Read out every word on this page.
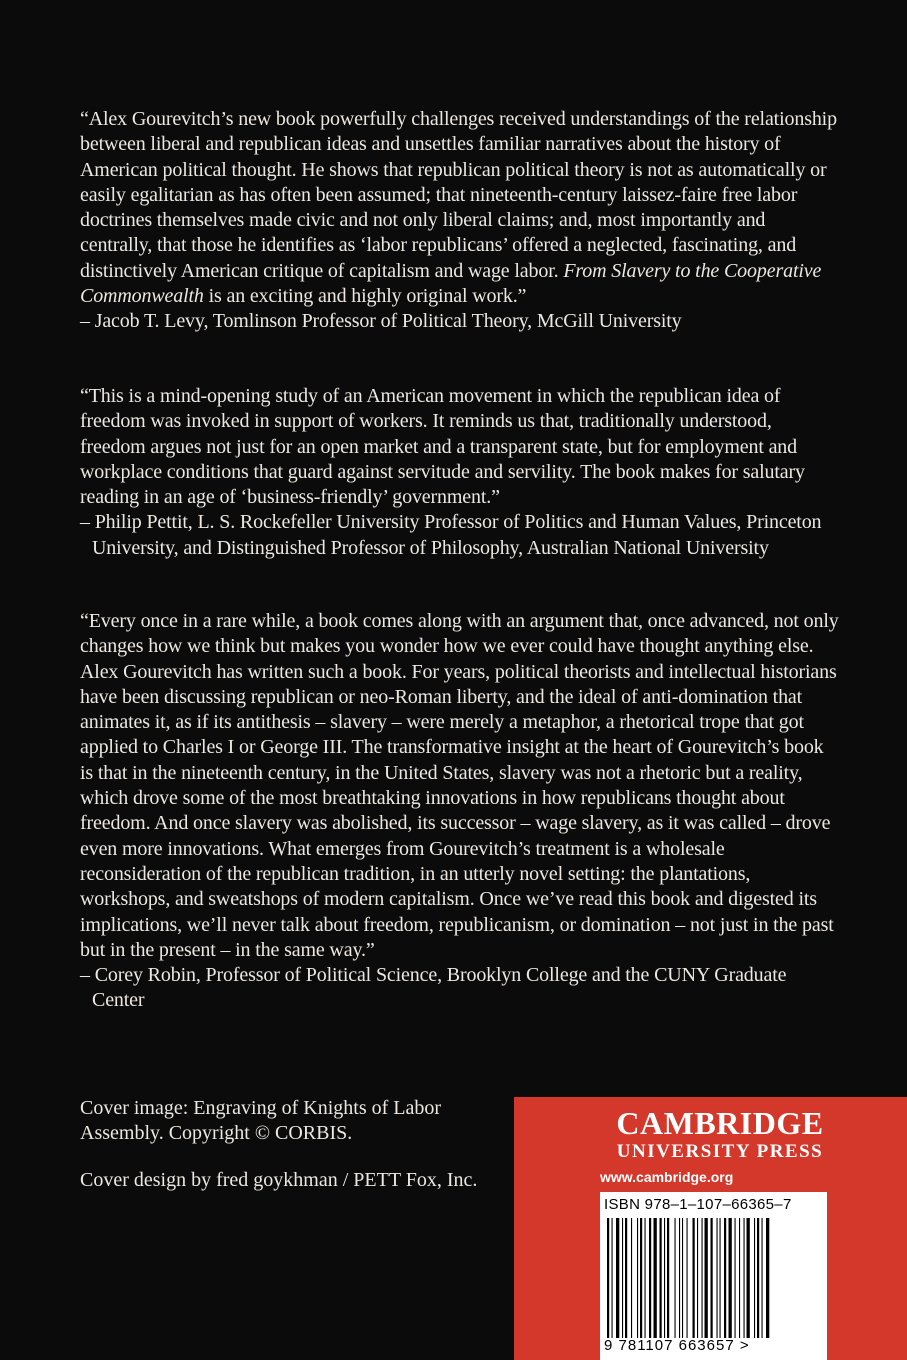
“Alex Gourevitch’s new book powerfully challenges received understandings of the relationship between liberal and republican ideas and unsettles familiar narratives about the history of American political thought. He shows that republican political theory is not as automatically or easily egalitarian as has often been assumed; that nineteenth-century laissez-faire free labor doctrines themselves made civic and not only liberal claims; and, most importantly and centrally, that those he identifies as ‘labor republicans’ offered a neglected, fascinating, and distinctively American critique of capitalism and wage labor. From Slavery to the Cooperative Commonwealth is an exciting and highly original work.”

– Jacob T. Levy, Tomlinson Professor of Political Theory, McGill University

“This is a mind-opening study of an American movement in which the republican idea of freedom was invoked in support of workers. It reminds us that, traditionally understood, freedom argues not just for an open market and a transparent state, but for employment and workplace conditions that guard against servitude and servility. The book makes for salutary reading in an age of ‘business-friendly’ government.”

– Philip Pettit, L. S. Rockefeller University Professor of Politics and Human Values, Princeton University, and Distinguished Professor of Philosophy, Australian National University

“Every once in a rare while, a book comes along with an argument that, once advanced, not only changes how we think but makes you wonder how we ever could have thought anything else. Alex Gourevitch has written such a book. For years, political theorists and intellectual historians have been discussing republican or neo-Roman liberty, and the ideal of anti-domination that animates it, as if its antithesis – slavery – were merely a metaphor, a rhetorical trope that got applied to Charles I or George III. The transformative insight at the heart of Gourevitch’s book is that in the nineteenth century, in the United States, slavery was not a rhetoric but a reality, which drove some of the most breathtaking innovations in how republicans thought about freedom. And once slavery was abolished, its successor – wage slavery, as it was called – drove even more innovations. What emerges from Gourevitch’s treatment is a wholesale reconsideration of the republican tradition, in an utterly novel setting: the plantations, workshops, and sweatshops of modern capitalism. Once we’ve read this book and digested its implications, we’ll never talk about freedom, republicanism, or domination – not just in the past but in the present – in the same way.”

– Corey Robin, Professor of Political Science, Brooklyn College and the CUNY Graduate Center

Cover image: Engraving of Knights of Labor Assembly. Copyright © CORBIS.

Cover design by fred goykhman / PETT Fox, Inc.

CAMBRIDGE
UNIVERSITY PRESS
www.cambridge.org
ISBN 978–1–107–66365–7
9 781107 663657 >
